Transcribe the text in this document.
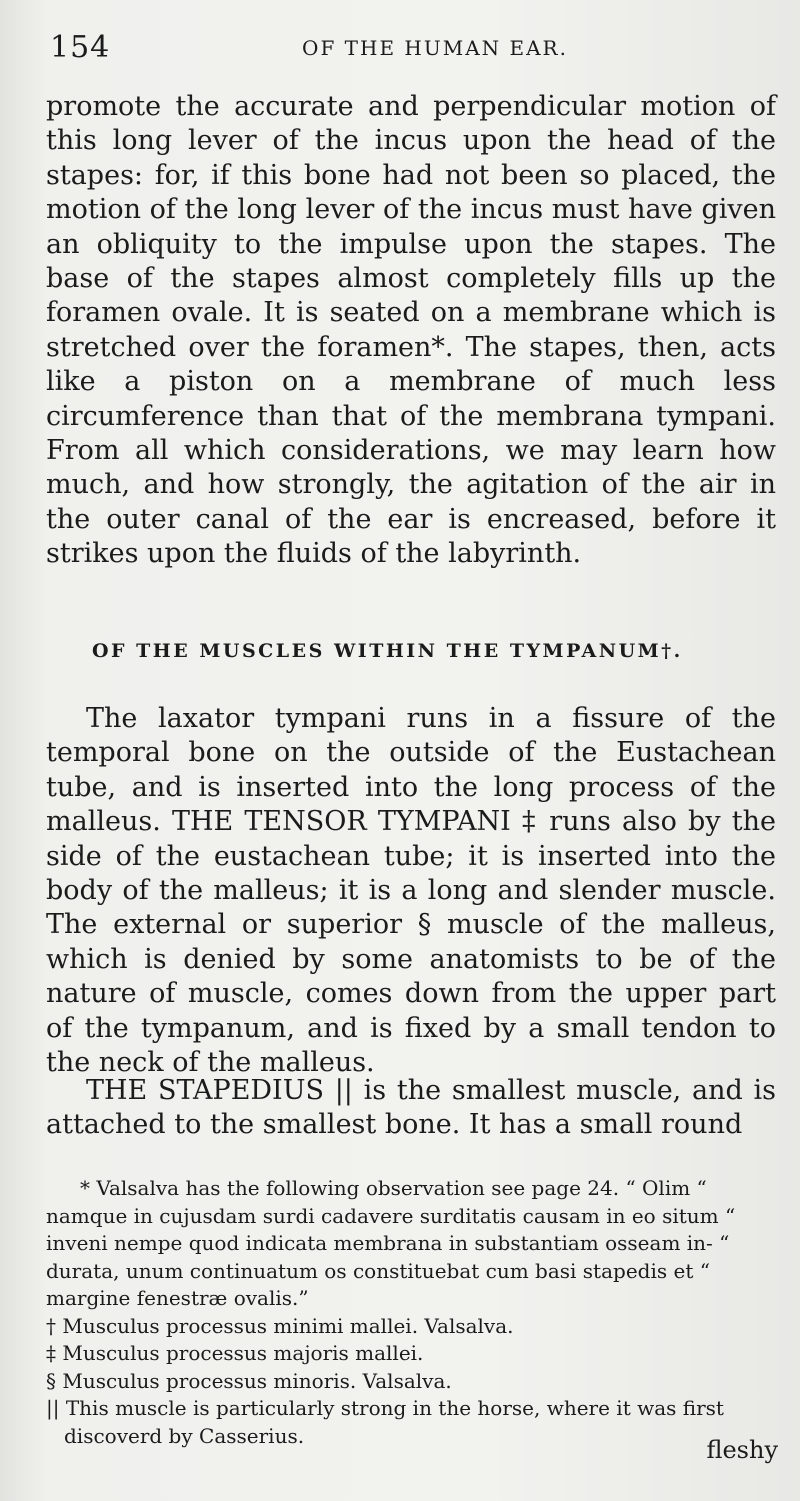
154	OF THE HUMAN EAR.

promote the accurate and perpendicular motion of this long lever of the incus upon the head of the stapes: for, if this bone had not been so placed, the motion of the long lever of the incus must have given an obliquity to the impulse upon the stapes. The base of the stapes almost completely fills up the foramen ovale. It is seated on a membrane which is stretched over the foramen*. The stapes, then, acts like a piston on a membrane of much less circumference than that of the membrana tympani. From all which considerations, we may learn how much, and how strongly, the agitation of the air in the outer canal of the ear is encreased, before it strikes upon the fluids of the labyrinth.

OF THE MUSCLES WITHIN THE TYMPANUM†.

The laxator tympani runs in a fissure of the temporal bone on the outside of the Eustachean tube, and is inserted into the long process of the malleus. THE TENSOR TYMPANI ‡ runs also by the side of the eustachean tube; it is inserted into the body of the malleus; it is a long and slender muscle. The external or superior § muscle of the malleus, which is denied by some anatomists to be of the nature of muscle, comes down from the upper part of the tympanum, and is fixed by a small tendon to the neck of the malleus.

THE STAPEDIUS || is the smallest muscle, and is attached to the smallest bone. It has a small round

* Valsalva has the following observation see page 24. “ Olim “ namque in cujusdam surdi cadavere surditatis causam in eo situm “ inveni nempe quod indicata membrana in substantiam osseam in- “ durata, unum continuatum os constituebat cum basi stapedis et “ margine fenestræ ovalis.”

† Musculus processus minimi mallei. Valsalva.

‡ Musculus processus majoris mallei.

§ Musculus processus minoris. Valsalva.

|| This muscle is particularly strong in the horse, where it was first discoverd by Casserius.

fleshy
